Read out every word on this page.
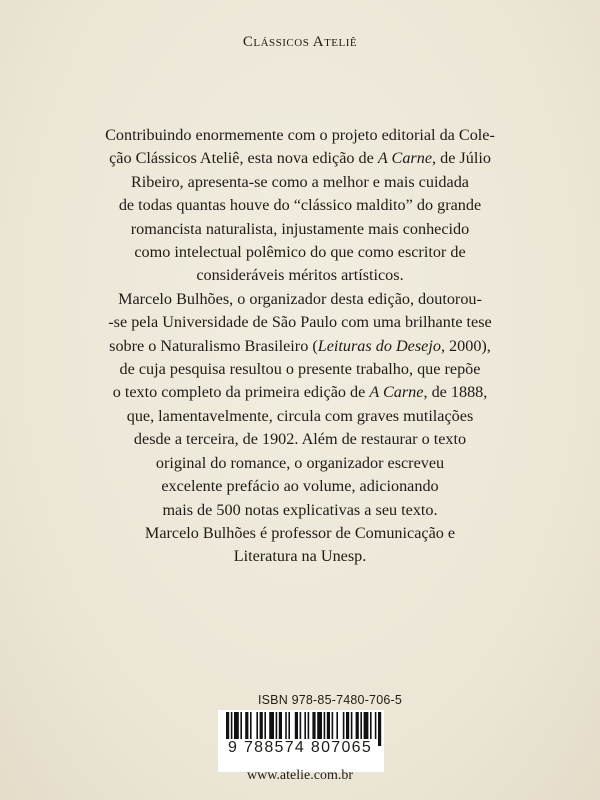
Clássicos Ateliê

Contribuindo enormemente com o projeto editorial da Cole-
ção Clássicos Ateliê, esta nova edição de A Carne, de Júlio
Ribeiro, apresenta-se como a melhor e mais cuidada
de todas quantas houve do “clássico maldito” do grande
romancista naturalista, injustamente mais conhecido
como intelectual polêmico do que como escritor de
consideráveis méritos artísticos.

Marcelo Bulhões, o organizador desta edição, doutorou-
-se pela Universidade de São Paulo com uma brilhante tese
sobre o Naturalismo Brasileiro (Leituras do Desejo, 2000),
de cuja pesquisa resultou o presente trabalho, que repõe
o texto completo da primeira edição de A Carne, de 1888,
que, lamentavelmente, circula com graves mutilações
desde a terceira, de 1902. Além de restaurar o texto
original do romance, o organizador escreveu
excelente prefácio ao volume, adicionando
mais de 500 notas explicativas a seu texto.

Marcelo Bulhões é professor de Comunicação e
Literatura na Unesp.

ISBN 978-85-7480-706-5
9 788574 807065
www.atelie.com.br
